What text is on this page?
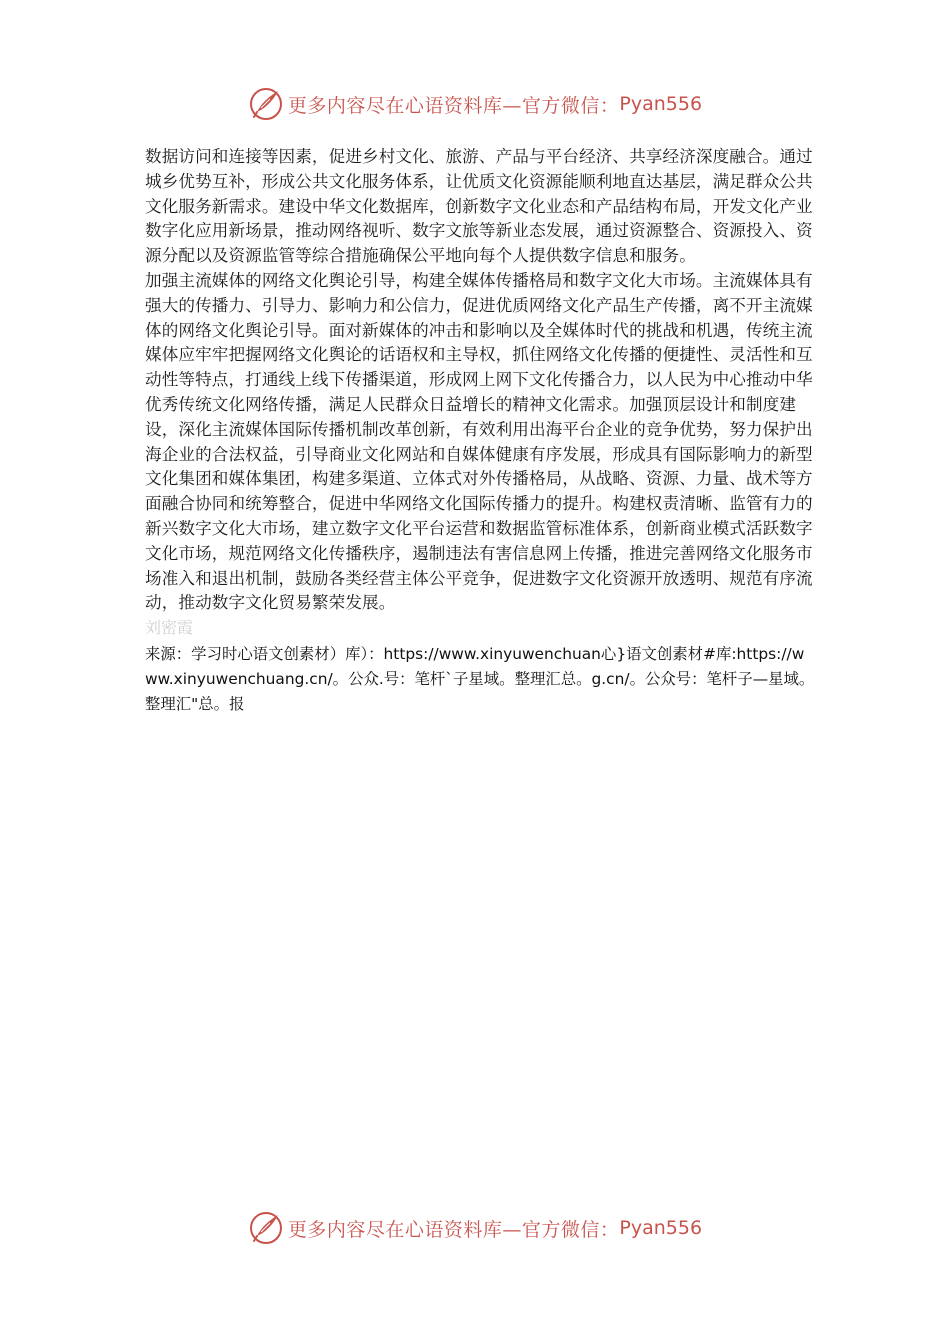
更多内容尽在心语资料库—官方微信： Pyan556

数据访问和连接等因素，促进乡村文化、旅游、产品与平台经济、共享经济深度融合。通过城乡优势互补，形成公共文化服务体系，让优质文化资源能顺利地直达基层，满足群众公共文化服务新需求。建设中华文化数据库，创新数字文化业态和产品结构布局，开发文化产业数字化应用新场景，推动网络视听、数字文旅等新业态发展，通过资源整合、资源投入、资源分配以及资源监管等综合措施确保公平地向每个人提供数字信息和服务。

加强主流媒体的网络文化舆论引导，构建全媒体传播格局和数字文化大市场。主流媒体具有强大的传播力、引导力、影响力和公信力，促进优质网络文化产品生产传播，离不开主流媒体的网络文化舆论引导。面对新媒体的冲击和影响以及全媒体时代的挑战和机遇，传统主流媒体应牢牢把握网络文化舆论的话语权和主导权，抓住网络文化传播的便捷性、灵活性和互动性等特点，打通线上线下传播渠道，形成网上网下文化传播合力，以人民为中心推动中华优秀传统文化网络传播，满足人民群众日益增长的精神文化需求。加强顶层设计和制度建设，深化主流媒体国际传播机制改革创新，有效利用出海平台企业的竞争优势，努力保护出海企业的合法权益，引导商业文化网站和自媒体健康有序发展，形成具有国际影响力的新型文化集团和媒体集团，构建多渠道、立体式对外传播格局，从战略、资源、力量、战术等方面融合协同和统筹整合，促进中华网络文化国际传播力的提升。构建权责清晰、监管有力的新兴数字文化大市场，建立数字文化平台运营和数据监管标准体系，创新商业模式活跃数字文化市场，规范网络文化传播秩序，遏制违法有害信息网上传播，推进完善网络文化服务市场准入和退出机制，鼓励各类经营主体公平竞争，促进数字文化资源开放透明、规范有序流动，推动数字文化贸易繁荣发展。

刘密霞

来源：学习时心语文创素材）库）：https://www.xinyuwenchuan心}语文创素材#库:https://www.xinyuwenchuang.cn/。公众.号：笔杆`子星域。整理汇总。g.cn/。公众号：笔杆子—星域。整理汇"总。报

更多内容尽在心语资料库—官方微信： Pyan556
